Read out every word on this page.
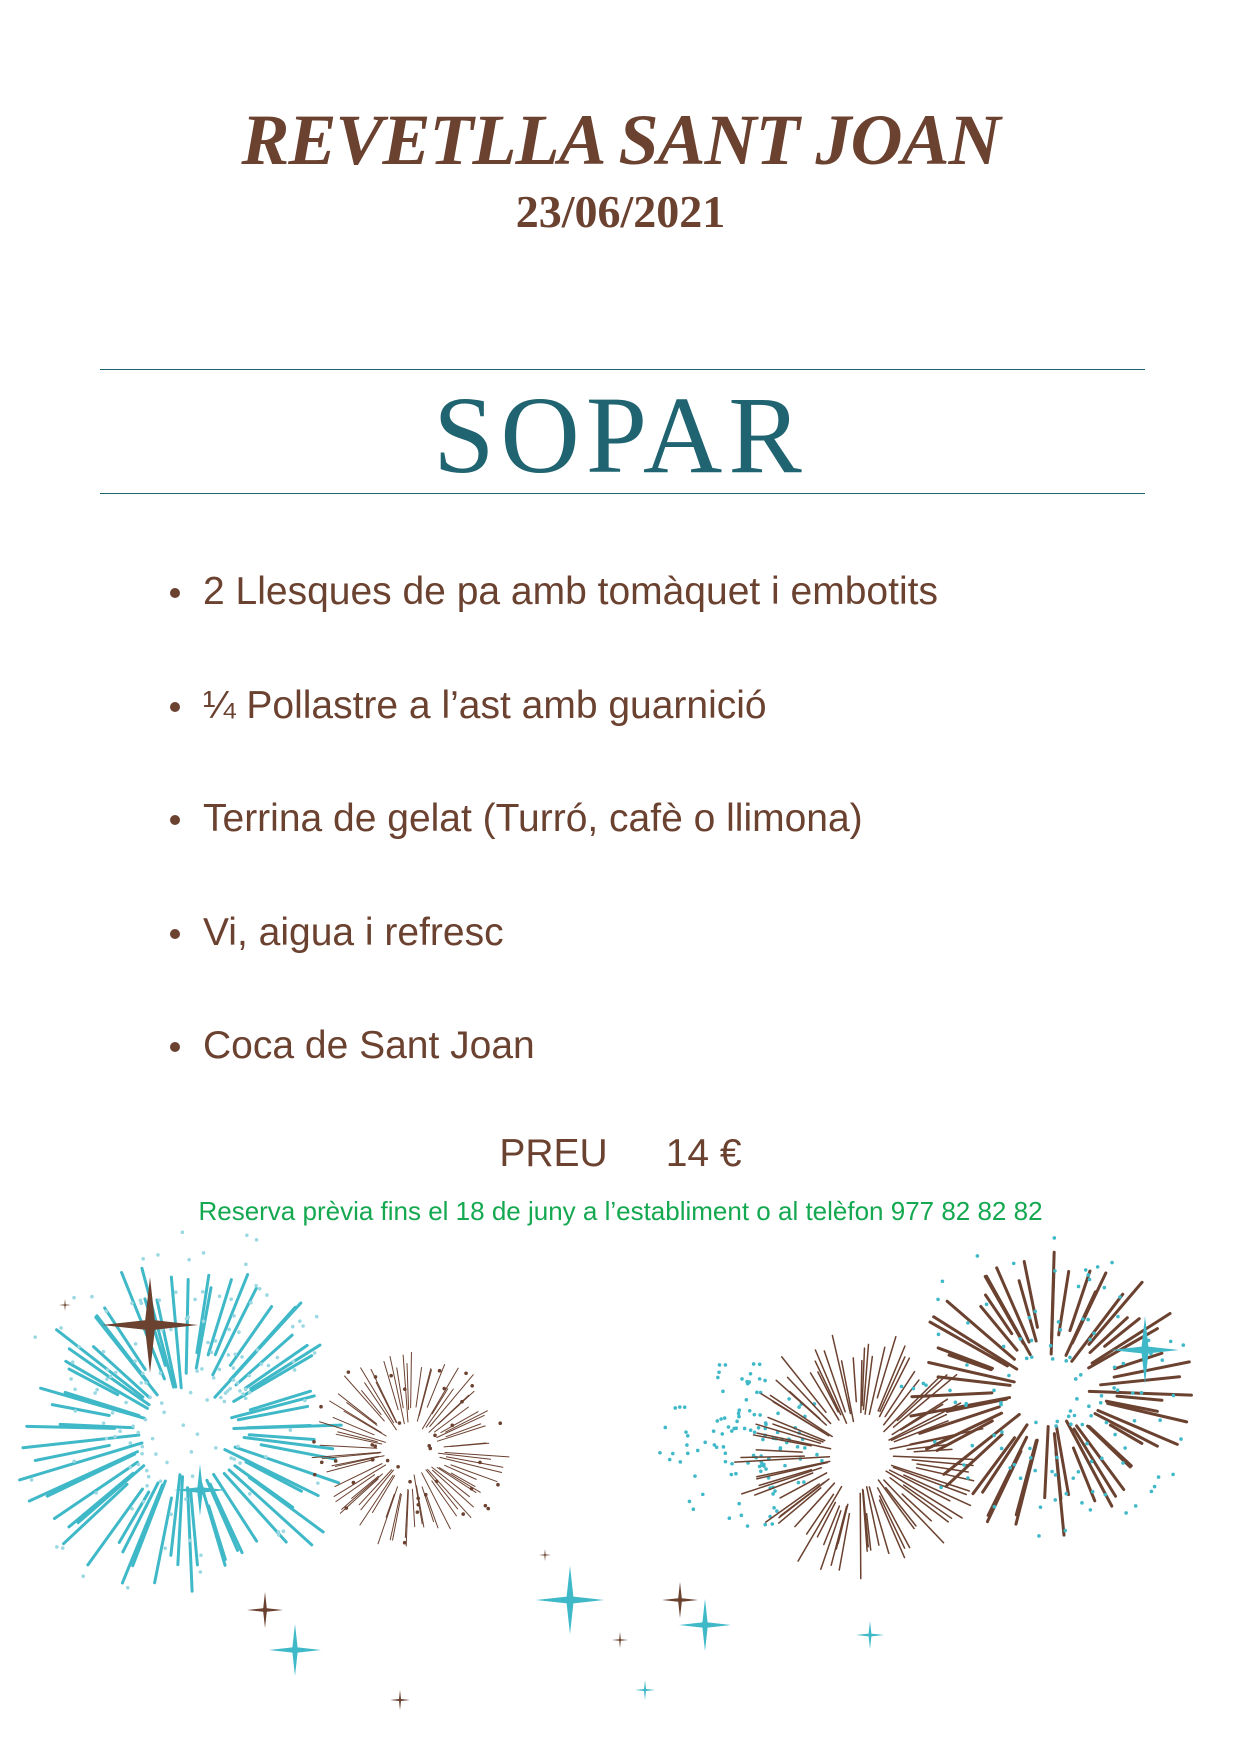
REVETLLA SANT JOAN
23/06/2021
SOPAR
2 Llesques de pa amb tomàquet i embotits
¼ Pollastre a l’ast amb guarnició
Terrina de gelat (Turró, cafè o llimona)
Vi, aigua i refresc
Coca de Sant Joan
PREU 14 €
Reserva prèvia fins el 18 de juny a l’establiment o al telèfon 977 82 82 82
